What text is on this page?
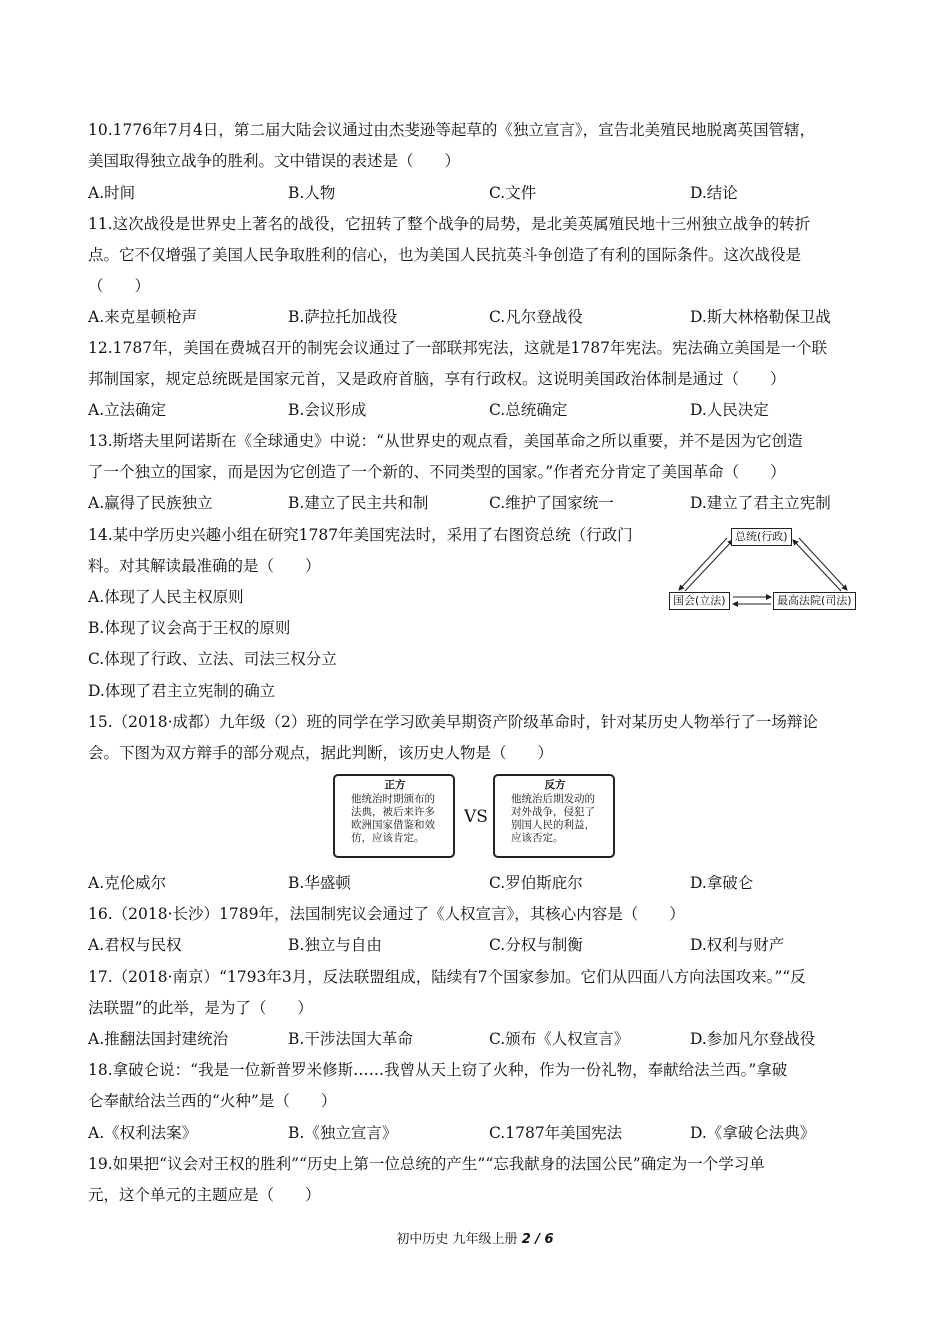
10.1776年7月4日，第二届大陆会议通过由杰斐逊等起草的《独立宣言》，宣告北美殖民地脱离英国管辖，
美国取得独立战争的胜利。文中错误的表述是（　　）
A.时间	B.人物	C.文件	D.结论
11.这次战役是世界史上著名的战役，它扭转了整个战争的局势，是北美英属殖民地十三州独立战争的转折
点。它不仅增强了美国人民争取胜利的信心，也为美国人民抗英斗争创造了有利的国际条件。这次战役是
（　　）
A.来克星顿枪声	B.萨拉托加战役	C.凡尔登战役	D.斯大林格勒保卫战
12.1787年，美国在费城召开的制宪会议通过了一部联邦宪法，这就是1787年宪法。宪法确立美国是一个联
邦制国家，规定总统既是国家元首，又是政府首脑，享有行政权。这说明美国政治体制是通过（　　）
A.立法确定	B.会议形成	C.总统确定	D.人民决定
13.斯塔夫里阿诺斯在《全球通史》中说：“从世界史的观点看，美国革命之所以重要，并不是因为它创造
了一个独立的国家，而是因为它创造了一个新的、不同类型的国家。”作者充分肯定了美国革命（　　）
A.赢得了民族独立	B.建立了民主共和制	C.维护了国家统一	D.建立了君主立宪制
14.某中学历史兴趣小组在研究1787年美国宪法时，采用了右图资总统（行政门
料。对其解读最准确的是（　　）
A.体现了人民主权原则
B.体现了议会高于王权的原则
C.体现了行政、立法、司法三权分立
D.体现了君主立宪制的确立
总统(行政)
国会(立法)	最高法院(司法)
15.（2018·成都）九年级（2）班的同学在学习欧美早期资产阶级革命时，针对某历史人物举行了一场辩论
会。下图为双方辩手的部分观点，据此判断，该历史人物是（　　）
正方
他统治时期颁布的
法典，被后来许多
欧洲国家借鉴和效
仿，应该肯定。
VS
反方
他统治后期发动的
对外战争，侵犯了
别国人民的利益，
应该否定。
A.克伦威尔	B.华盛顿	C.罗伯斯庇尔	D.拿破仑
16.（2018·长沙）1789年，法国制宪议会通过了《人权宣言》，其核心内容是（　　）
A.君权与民权	B.独立与自由	C.分权与制衡	D.权利与财产
17.（2018·南京）“1793年3月，反法联盟组成，陆续有7个国家参加。它们从四面八方向法国攻来。”“反
法联盟”的此举，是为了（　　）
A.推翻法国封建统治	B.干涉法国大革命	C.颁布《人权宣言》	D.参加凡尔登战役
18.拿破仑说：“我是一位新普罗米修斯……我曾从天上窃了火种，作为一份礼物，奉献给法兰西。”拿破
仑奉献给法兰西的“火种”是（　　）
A.《权利法案》	B.《独立宣言》	C.1787年美国宪法	D.《拿破仑法典》
19.如果把“议会对王权的胜利”“历史上第一位总统的产生”“忘我献身的法国公民”确定为一个学习单
元，这个单元的主题应是（　　）
初中历史 九年级上册 2 / 6
